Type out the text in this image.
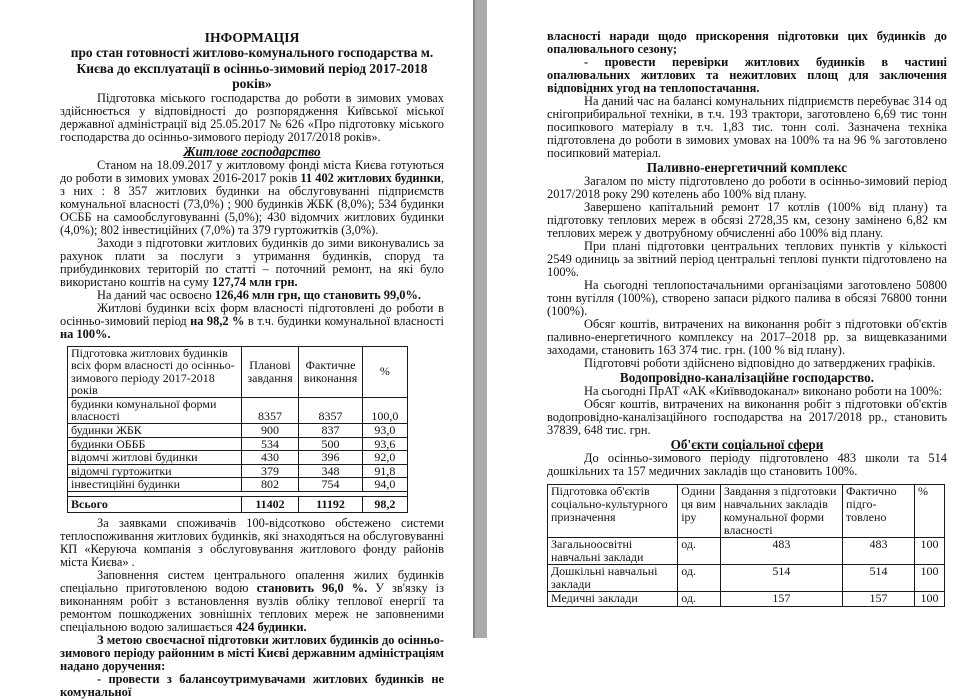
ІНФОРМАЦІЯ

про стан готовності житлово-комунального господарства м. Києва до експлуатації в осінньо-зимовий період 2017-2018 років»

Підготовка міського господарства до роботи в зимових умовах здійснюється у відповідності до розпорядження Київської міської державної адміністрації від 25.05.2017 № 626 «Про підготовку міського господарства до осінньо-зимового періоду 2017/2018 років».

Житлове господарство

Станом на 18.09.2017 у житловому фонді міста Києва готуються до роботи в зимових умовах 2016-2017 років 11 402 житлових будинки, з них : 8 357 житлових будинки на обслуговуванні підприємств комунальної власності (73,0%) ; 900 будинків ЖБК (8,0%); 534 будинки ОСББ на самообслуговуванні (5,0%); 430 відомчих житлових будинки (4,0%); 802 інвестиційних (7,0%) та 379 гуртожитків (3,0%).

Заходи з підготовки житлових будинків до зими виконувались за рахунок плати за послуги з утримання будинків, споруд та прибудинкових територій по статті – поточний ремонт, на які було використано коштів на суму 127,74 млн грн.

На даний час освоєно 126,46 млн грн, що становить 99,0%.

Житлові будинки всіх форм власності підготовлені до роботи в осінньо-зимовий період на 98,2 % в т.ч. будинки комунальної власності на 100%.

Підготовка житлових будинків всіх форм власності до осінньо-зимового періоду 2017-2018 років	Планові завдання	Фактичне виконання	%
будинки комунальної форми власності	8357	8357	100,0
будинки ЖБК	900	837	93,0
будинки ОБББ	534	500	93,6
відомчі житлові будинки	430	396	92,0
відомчі гуртожитки	379	348	91,8
інвестиційні будинки	802	754	94,0

Всього	11402	11192	98,2

За заявками споживачів 100-відсотково обстежено системи теплоспоживання житлових будинків, які знаходяться на обслуговуванні КП «Керуюча компанія з обслуговування житлового фонду районів міста Києва» .

Заповнення систем центрального опалення жилих будинків спеціально приготовленою водою становить 96,0 %. У зв'язку із виконанням робіт з встановлення вузлів обліку теплової енергії та ремонтом пошкоджених зовнішніх теплових мереж не заповненими спеціальною водою залишається 424 будинки.

З метою своєчасної підготовки житлових будинків до осінньо-зимового періоду районним в місті Києві державним адміністраціям надано доручення:

- провести з балансоутримувачами житлових будинків не комунальної

власності наради щодо прискорення підготовки цих будинків до опалювального сезону;

- провести перевірки житлових будинків в частині опалювальних житлових та нежитлових площ для заключення відповідних угод на теплопостачання.

На даний час на балансі комунальних підприємств перебуває 314 од снігоприбиральної техніки, в т.ч. 193 трактори, заготовлено 6,69 тис тонн посипкового матеріалу в т.ч. 1,83 тис. тонн солі. Зазначена техніка підготовлена до роботи в зимових умовах на 100% та на 96 % заготовлено посипковий матеріал.

Паливно-енергетичний комплекс

Загалом по місту підготовлено до роботи в осінньо-зимовий період 2017/2018 року 290 котелень або 100% від плану.

Завершено капітальний ремонт 17 котлів (100% від плану) та підготовку теплових мереж в обсязі 2728,35 км, сезону замінено 6,82 км теплових мереж у двотрубному обчисленні або 100% від плану.

При плані підготовки центральних теплових пунктів у кількості 2549 одиниць за звітний період центральні теплові пункти підготовлено на 100%.

На сьогодні теплопостачальними організаціями заготовлено 50800 тонн вугілля (100%), створено запаси рідкого палива в обсязі 76800 тонни (100%).

Обсяг коштів, витрачених на виконання робіт з підготовки об'єктів паливно-енергетичного комплексу на 2017–2018 рр. за вищевказаними заходами, становить 163 374 тис. грн. (100 % від плану).

Підготовчі роботи здійснено відповідно до затверджених графіків.

Водопровідно-каналізаційне господарство.

На сьогодні ПрАТ «АК «Київводоканал» виконано роботи на 100%:

Обсяг коштів, витрачених на виконання робіт з підготовки об'єктів водопровідно-каналізаційного господарства на 2017/2018 рр., становить 37839, 648 тис. грн.

Об'єкти соціальної сфери

До осінньо-зимового періоду підготовлено 483 школи та 514 дошкільних та 157 медичних закладів що становить 100%.

Підготовка об'єктів соціально-культурного призначення	Одиниця виміру	Завдання з підготовки навчальних закладів комунальної форми власності	Фактично підго-товлено	%
Загальноосвітні навчальні заклади	од.	483	483	100
Дошкільні навчальні заклади	од.	514	514	100
Медичні заклади	од.	157	157	100
